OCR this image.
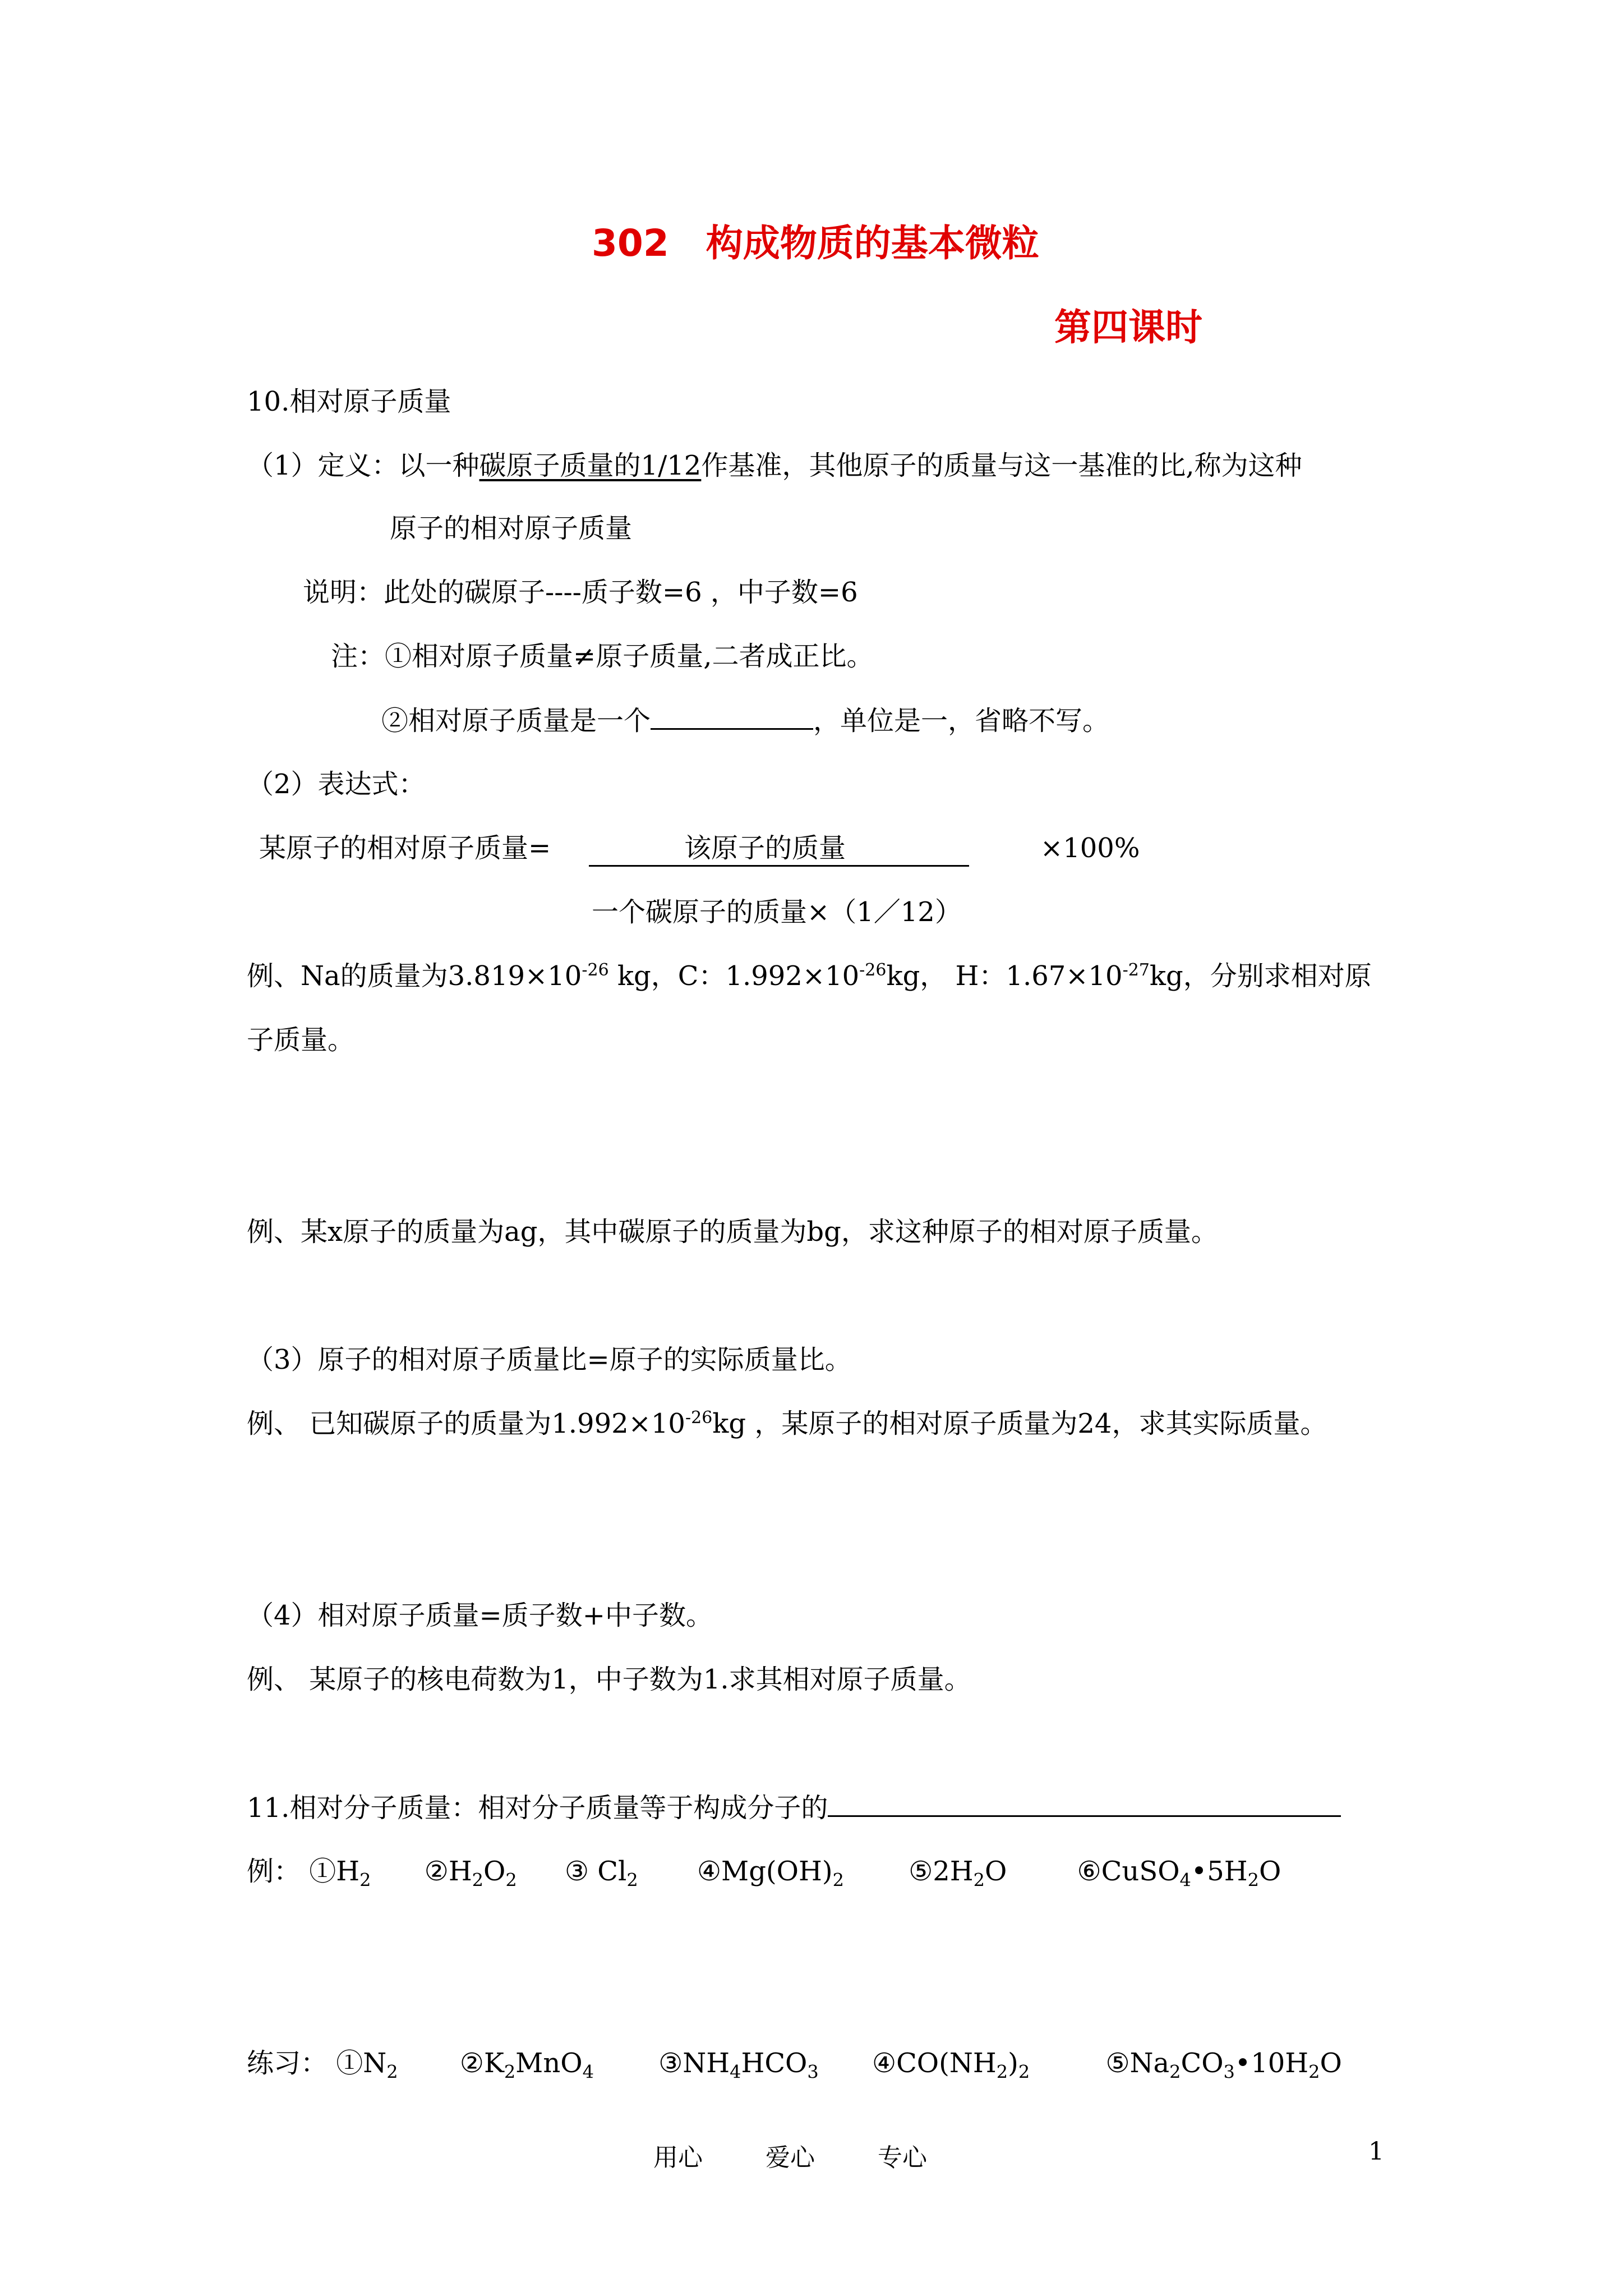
302　构成物质的基本微粒
第四课时
10.相对原子质量
（1）定义：以一种碳原子质量的1/12作基准，其他原子的质量与这一基准的比,称为这种
原子的相对原子质量
说明：此处的碳原子----质子数=6 ，中子数=6
注：①相对原子质量≠原子质量,二者成正比。
②相对原子质量是一个	，单位是一，省略不写。
（2）表达式：
某原子的相对原子质量=	该原子的质量	×100%
一个碳原子的质量×（1／12）
例、Na的质量为$3.819\times 10^{-26}$ kg，C：$1.992\times 10^{-26}kg$， H：$1.67\times 10^{-27}kg$，分别求相对原
子质量。
例、某x原子的质量为ag，其中碳原子的质量为bg，求这种原子的相对原子质量。
（3）原子的相对原子质量比=原子的实际质量比。
例、 已知碳原子的质量为$1.992\times 10^{-26}kg$ ，某原子的相对原子质量为24，求其实际质量。
（4）相对原子质量=质子数+中子数。
例、 某原子的核电荷数为1，中子数为1.求其相对原子质量。
11.相对分子质量：相对分子质量等于构成分子的
例： $①H_2$ $②H_2O_2$ ③ $Cl_2$ $④Mg(OH)_2$ $⑤2H_2O$	$⑥CuSO_4•5H_2O$
练习： $①N_2$ $②K_2MnO_4$ $③NH_4HCO_3$ $④CO(NH_2)_2$	$⑤Na_2CO_3•10H_2O$
用心	爱心	专心	1
